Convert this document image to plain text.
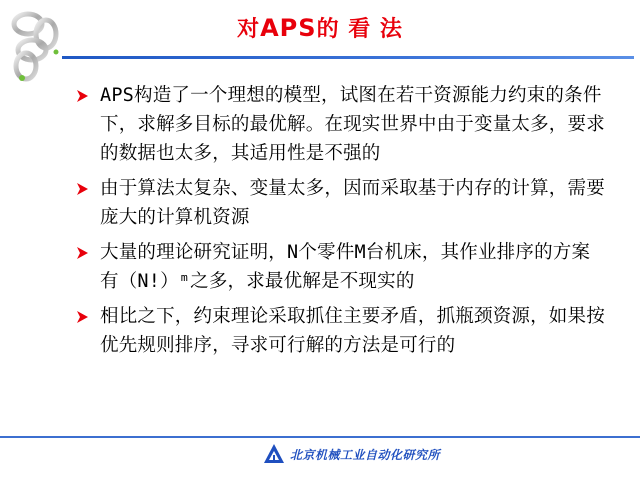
对APS的 看 法
APS构造了一个理想的模型，试图在若干资源能力约束的条件下，求解多目标的最优解。在现实世界中由于变量太多，要求的数据也太多，其适用性是不强的
由于算法太复杂、变量太多，因而采取基于内存的计算，需要庞大的计算机资源
大量的理论研究证明，N个零件M台机床，其作业排序的方案有（N!）ᵐ之多，求最优解是不现实的
相比之下，约束理论采取抓住主要矛盾，抓瓶颈资源，如果按优先规则排序，寻求可行解的方法是可行的
北京机械工业自动化研究所
